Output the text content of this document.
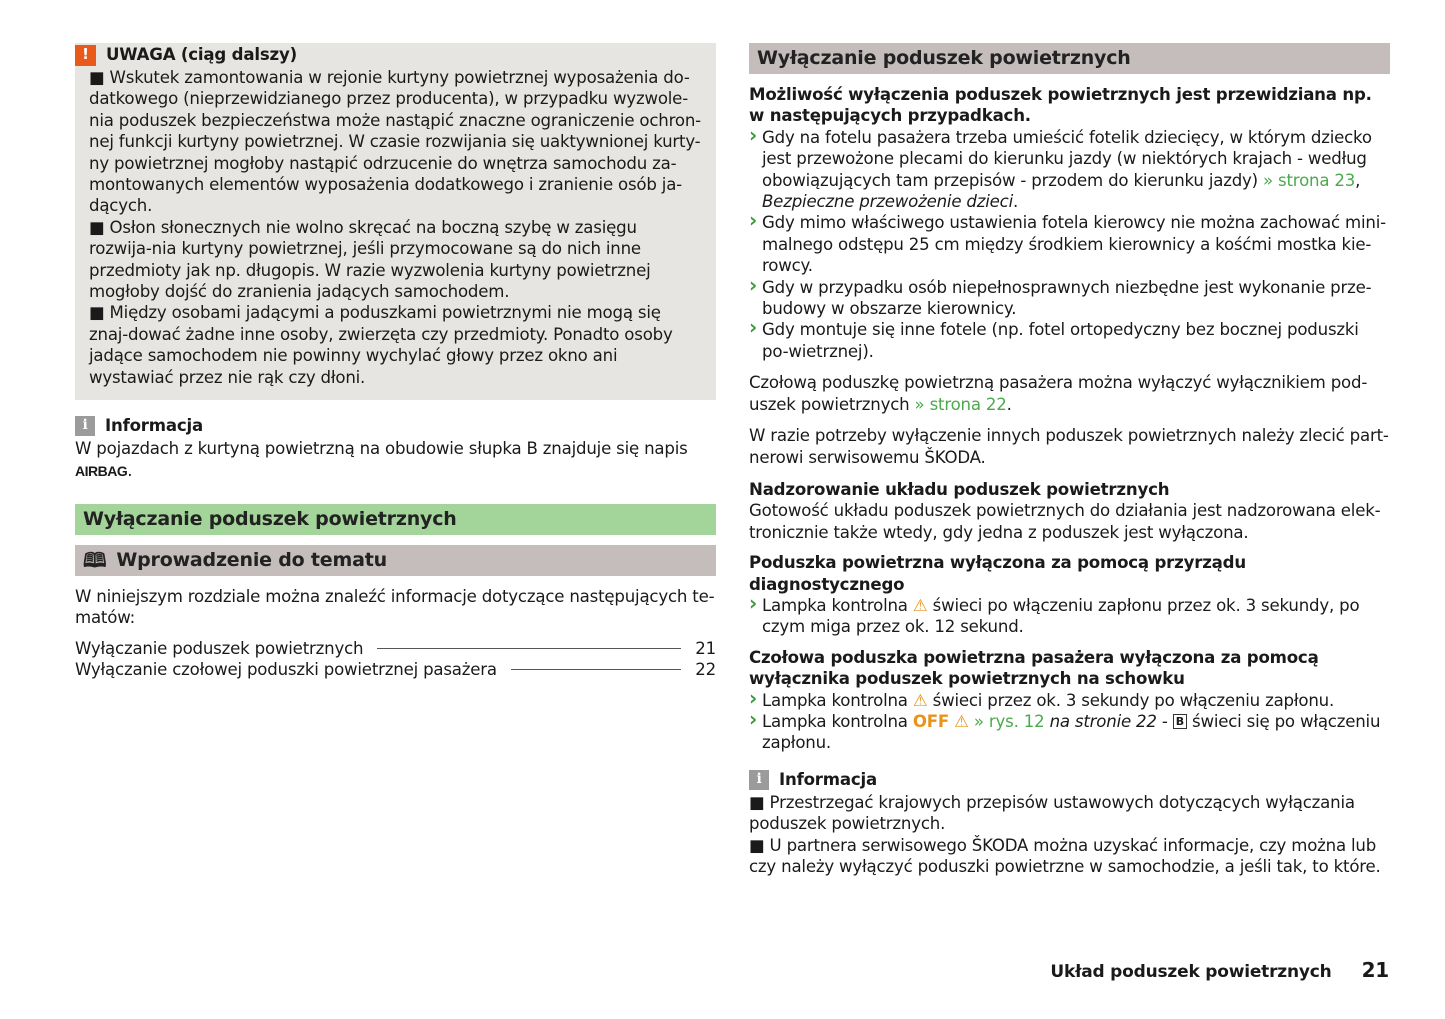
!	UWAGA (ciąg dalszy)

■ Wskutek zamontowania w rejonie kurtyny powietrznej wyposażenia do-datkowego (nieprzewidzianego przez producenta), w przypadku wyzwole-nia poduszek bezpieczeństwa może nastąpić znaczne ograniczenie ochron-nej funkcji kurtyny powietrznej. W czasie rozwijania się uaktywnionej kurty-ny powietrznej mogłoby nastąpić odrzucenie do wnętrza samochodu za-montowanych elementów wyposażenia dodatkowego i zranienie osób ja-dących.

■ Osłon słonecznych nie wolno skręcać na boczną szybę w zasięgu rozwija-nia kurtyny powietrznej, jeśli przymocowane są do nich inne przedmioty jak np. długopis. W razie wyzwolenia kurtyny powietrznej mogłoby dojść do zranienia jadących samochodem.

■ Między osobami jadącymi a poduszkami powietrznymi nie mogą się znaj-dować żadne inne osoby, zwierzęta czy przedmioty. Ponadto osoby jadące samochodem nie powinny wychylać głowy przez okno ani wystawiać przez nie rąk czy dłoni.

i	Informacja

W pojazdach z kurtyną powietrzną na obudowie słupka B znajduje się napis AIRBAG.

Wyłączanie poduszek powietrznych
🕮 Wprowadzenie do tematu

W niniejszym rozdziale można znaleźć informacje dotyczące następujących te-matów:

Wyłączanie poduszek powietrznych	21
Wyłączanie czołowej poduszki powietrznej pasażera	22
Wyłączanie poduszek powietrznych

Możliwość wyłączenia poduszek powietrznych jest przewidziana np. w następujących przypadkach.

› Gdy na fotelu pasażera trzeba umieścić fotelik dziecięcy, w którym dziecko jest przewożone plecami do kierunku jazdy (w niektórych krajach - według obowiązujących tam przepisów - przodem do kierunku jazdy) » strona 23, Bezpieczne przewożenie dzieci.

› Gdy mimo właściwego ustawienia fotela kierowcy nie można zachować mini-malnego odstępu 25 cm między środkiem kierownicy a kośćmi mostka kie-rowcy.

› Gdy w przypadku osób niepełnosprawnych niezbędne jest wykonanie prze-budowy w obszarze kierownicy.

› Gdy montuje się inne fotele (np. fotel ortopedyczny bez bocznej poduszki po-wietrznej).

Czołową poduszkę powietrzną pasażera można wyłączyć wyłącznikiem pod-uszek powietrznych » strona 22.

W razie potrzeby wyłączenie innych poduszek powietrznych należy zlecić part-nerowi serwisowemu ŠKODA.

Nadzorowanie układu poduszek powietrznych

Gotowość układu poduszek powietrznych do działania jest nadzorowana elek-tronicznie także wtedy, gdy jedna z poduszek jest wyłączona.

Poduszka powietrzna wyłączona za pomocą przyrządu diagnostycznego

› Lampka kontrolna ⚠ świeci po włączeniu zapłonu przez ok. 3 sekundy, po czym miga przez ok. 12 sekund.

Czołowa poduszka powietrzna pasażera wyłączona za pomocą wyłącznika poduszek powietrznych na schowku

› Lampka kontrolna ⚠ świeci przez ok. 3 sekundy po włączeniu zapłonu.

› Lampka kontrolna OFF ⚠ » rys. 12 na stronie 22 - B świeci się po włączeniu zapłonu.

i	Informacja

■ Przestrzegać krajowych przepisów ustawowych dotyczących wyłączania poduszek powietrznych.

■ U partnera serwisowego ŠKODA można uzyskać informacje, czy można lub czy należy wyłączyć poduszki powietrzne w samochodzie, a jeśli tak, to które.

Układ poduszek powietrznych 21
